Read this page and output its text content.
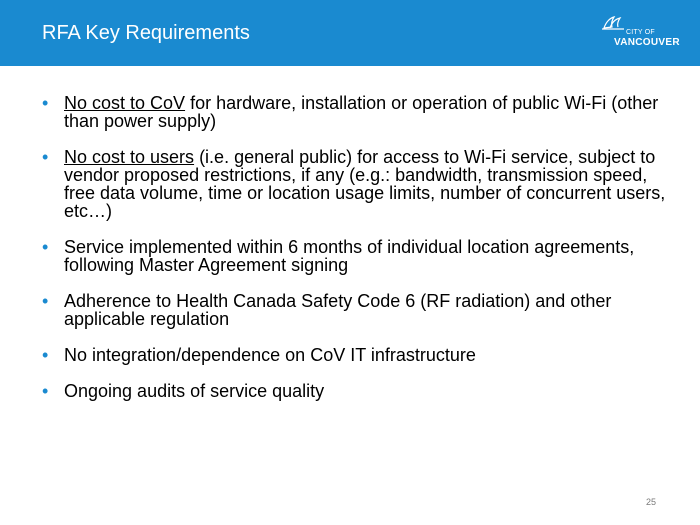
RFA Key Requirements	CITY OF
VANCOUVER
• No cost to CoV for hardware, installation or operation of public Wi-Fi (other than power supply)
• No cost to users (i.e. general public) for access to Wi-Fi service, subject to vendor proposed restrictions, if any (e.g.: bandwidth, transmission speed, free data volume, time or location usage limits, number of concurrent users, etc…)
• Service implemented within 6 months of individual location agreements, following Master Agreement signing
• Adherence to Health Canada Safety Code 6 (RF radiation) and other applicable regulation
• No integration/dependence on CoV IT infrastructure
• Ongoing audits of service quality
25
